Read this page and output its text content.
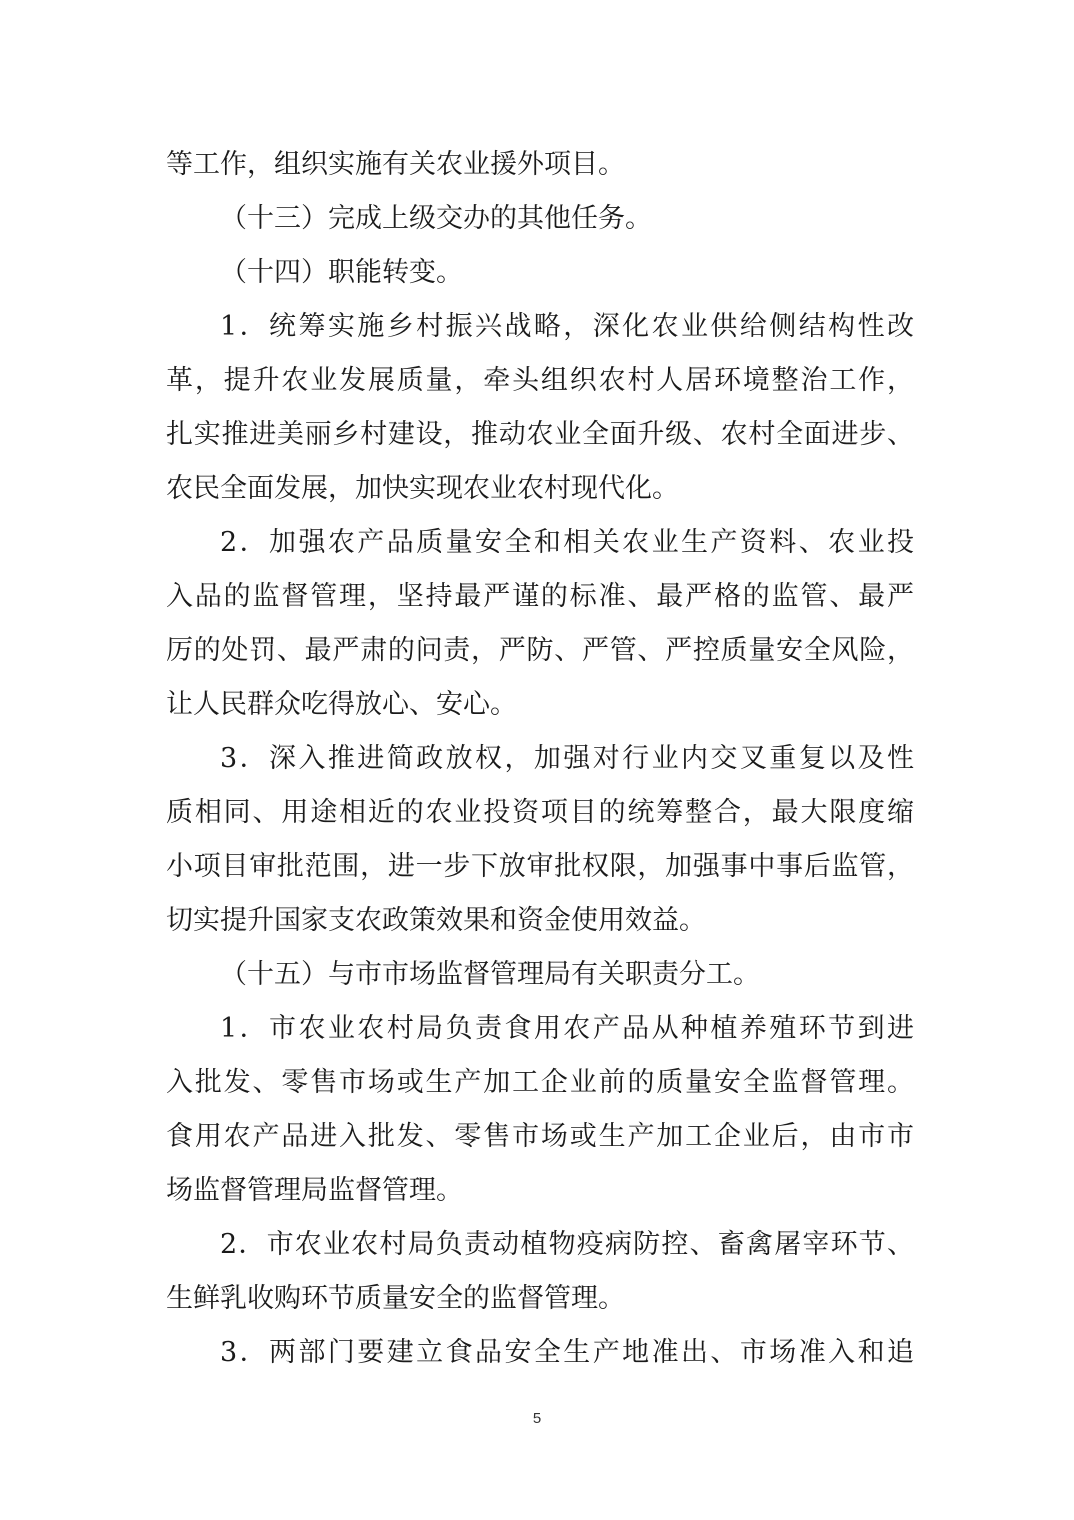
等工作，组织实施有关农业援外项目。
（十三）完成上级交办的其他任务。
（十四）职能转变。
1．统筹实施乡村振兴战略，深化农业供给侧结构性改
革，提升农业发展质量，牵头组织农村人居环境整治工作，
扎实推进美丽乡村建设，推动农业全面升级、农村全面进步、
农民全面发展，加快实现农业农村现代化。
2．加强农产品质量安全和相关农业生产资料、农业投
入品的监督管理，坚持最严谨的标准、最严格的监管、最严
厉的处罚、最严肃的问责，严防、严管、严控质量安全风险，
让人民群众吃得放心、安心。
3．深入推进简政放权，加强对行业内交叉重复以及性
质相同、用途相近的农业投资项目的统筹整合，最大限度缩
小项目审批范围，进一步下放审批权限，加强事中事后监管，
切实提升国家支农政策效果和资金使用效益。
（十五）与市市场监督管理局有关职责分工。
1．市农业农村局负责食用农产品从种植养殖环节到进
入批发、零售市场或生产加工企业前的质量安全监督管理。
食用农产品进入批发、零售市场或生产加工企业后，由市市
场监督管理局监督管理。
2．市农业农村局负责动植物疫病防控、畜禽屠宰环节、
生鲜乳收购环节质量安全的监督管理。
3．两部门要建立食品安全生产地准出、市场准入和追
5
